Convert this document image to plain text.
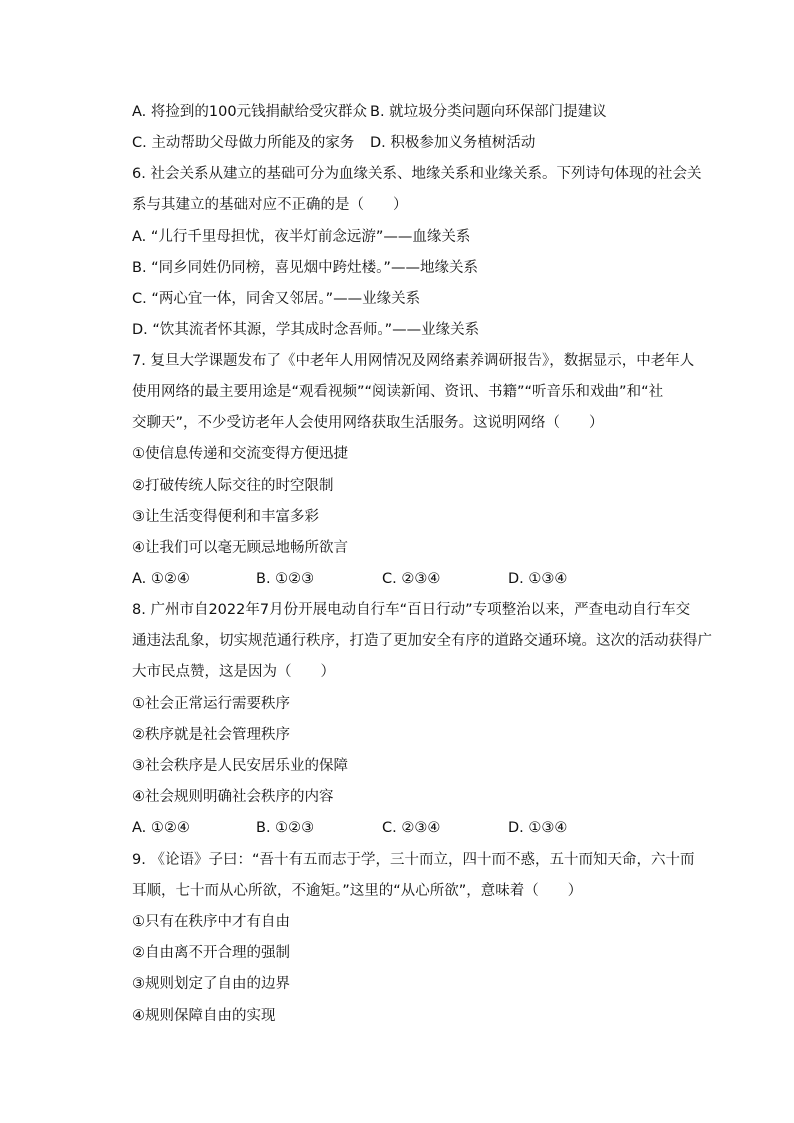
A. 将捡到的100元钱捐献给受灾群众 B. 就垃圾分类问题向环保部门提建议
C. 主动帮助父母做力所能及的家务 D. 积极参加义务植树活动
6. 社会关系从建立的基础可分为血缘关系、地缘关系和业缘关系。下列诗句体现的社会关
系与其建立的基础对应不正确的是（　　）
A. “儿行千里母担忧，夜半灯前念远游”——血缘关系
B. “同乡同姓仍同榜，喜见烟中跨灶楼。”——地缘关系
C. “两心宜一体，同舍又邻居。”——业缘关系
D. “饮其流者怀其源，学其成时念吾师。”——业缘关系
7. 复旦大学课题发布了《中老年人用网情况及网络素养调研报告》，数据显示，中老年人
使用网络的最主要用途是“观看视频”“阅读新闻、资讯、书籍”“听音乐和戏曲”和“社
交聊天”，不少受访老年人会使用网络获取生活服务。这说明网络（　　）
①使信息传递和交流变得方便迅捷
②打破传统人际交往的时空限制
③让生活变得便利和丰富多彩
④让我们可以毫无顾忌地畅所欲言
A. ①②④	B. ①②③	C. ②③④	D. ①③④
8. 广州市自2022年7月份开展电动自行车“百日行动”专项整治以来，严查电动自行车交
通违法乱象，切实规范通行秩序，打造了更加安全有序的道路交通环境。这次的活动获得广
大市民点赞，这是因为（　　）
①社会正常运行需要秩序
②秩序就是社会管理秩序
③社会秩序是人民安居乐业的保障
④社会规则明确社会秩序的内容
A. ①②④	B. ①②③	C. ②③④	D. ①③④
9. 《论语》子曰：“吾十有五而志于学，三十而立，四十而不惑，五十而知天命，六十而
耳顺，七十而从心所欲，不逾矩。”这里的“从心所欲”，意味着（　　）
①只有在秩序中才有自由
②自由离不开合理的强制
③规则划定了自由的边界
④规则保障自由的实现
